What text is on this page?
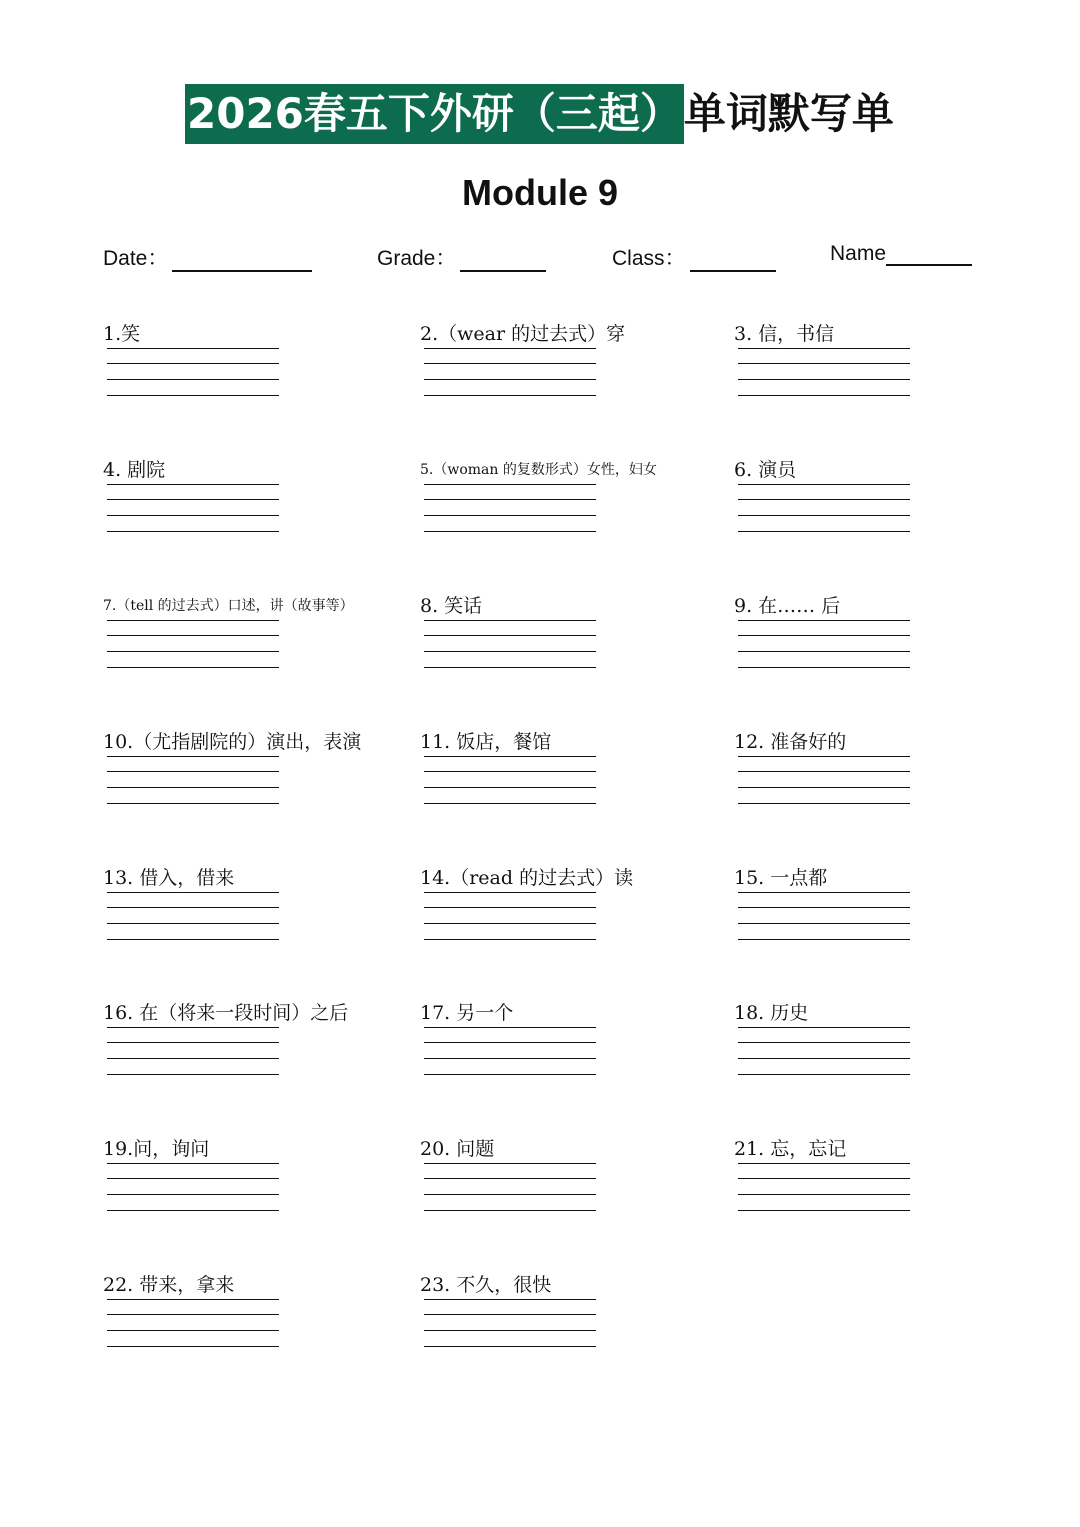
2026春五下外研（三起） 单词默写单
Module 9
Date：	Grade：	Class：	Name
1.笑	2.（wear 的过去式）穿	3. 信，书信
4. 剧院	5.（woman 的复数形式）女性，妇女	6. 演员
7.（tell 的过去式）口述，讲（故事等）	8. 笑话	9. 在…… 后
10.（尤指剧院的）演出，表演	11. 饭店，餐馆	12. 准备好的
13. 借入，借来	14.（read 的过去式）读	15. 一点都
16. 在（将来一段时间）之后	17. 另一个	18. 历史
19.问，询问	20. 问题	21. 忘，忘记
22. 带来，拿来	23. 不久，很快
